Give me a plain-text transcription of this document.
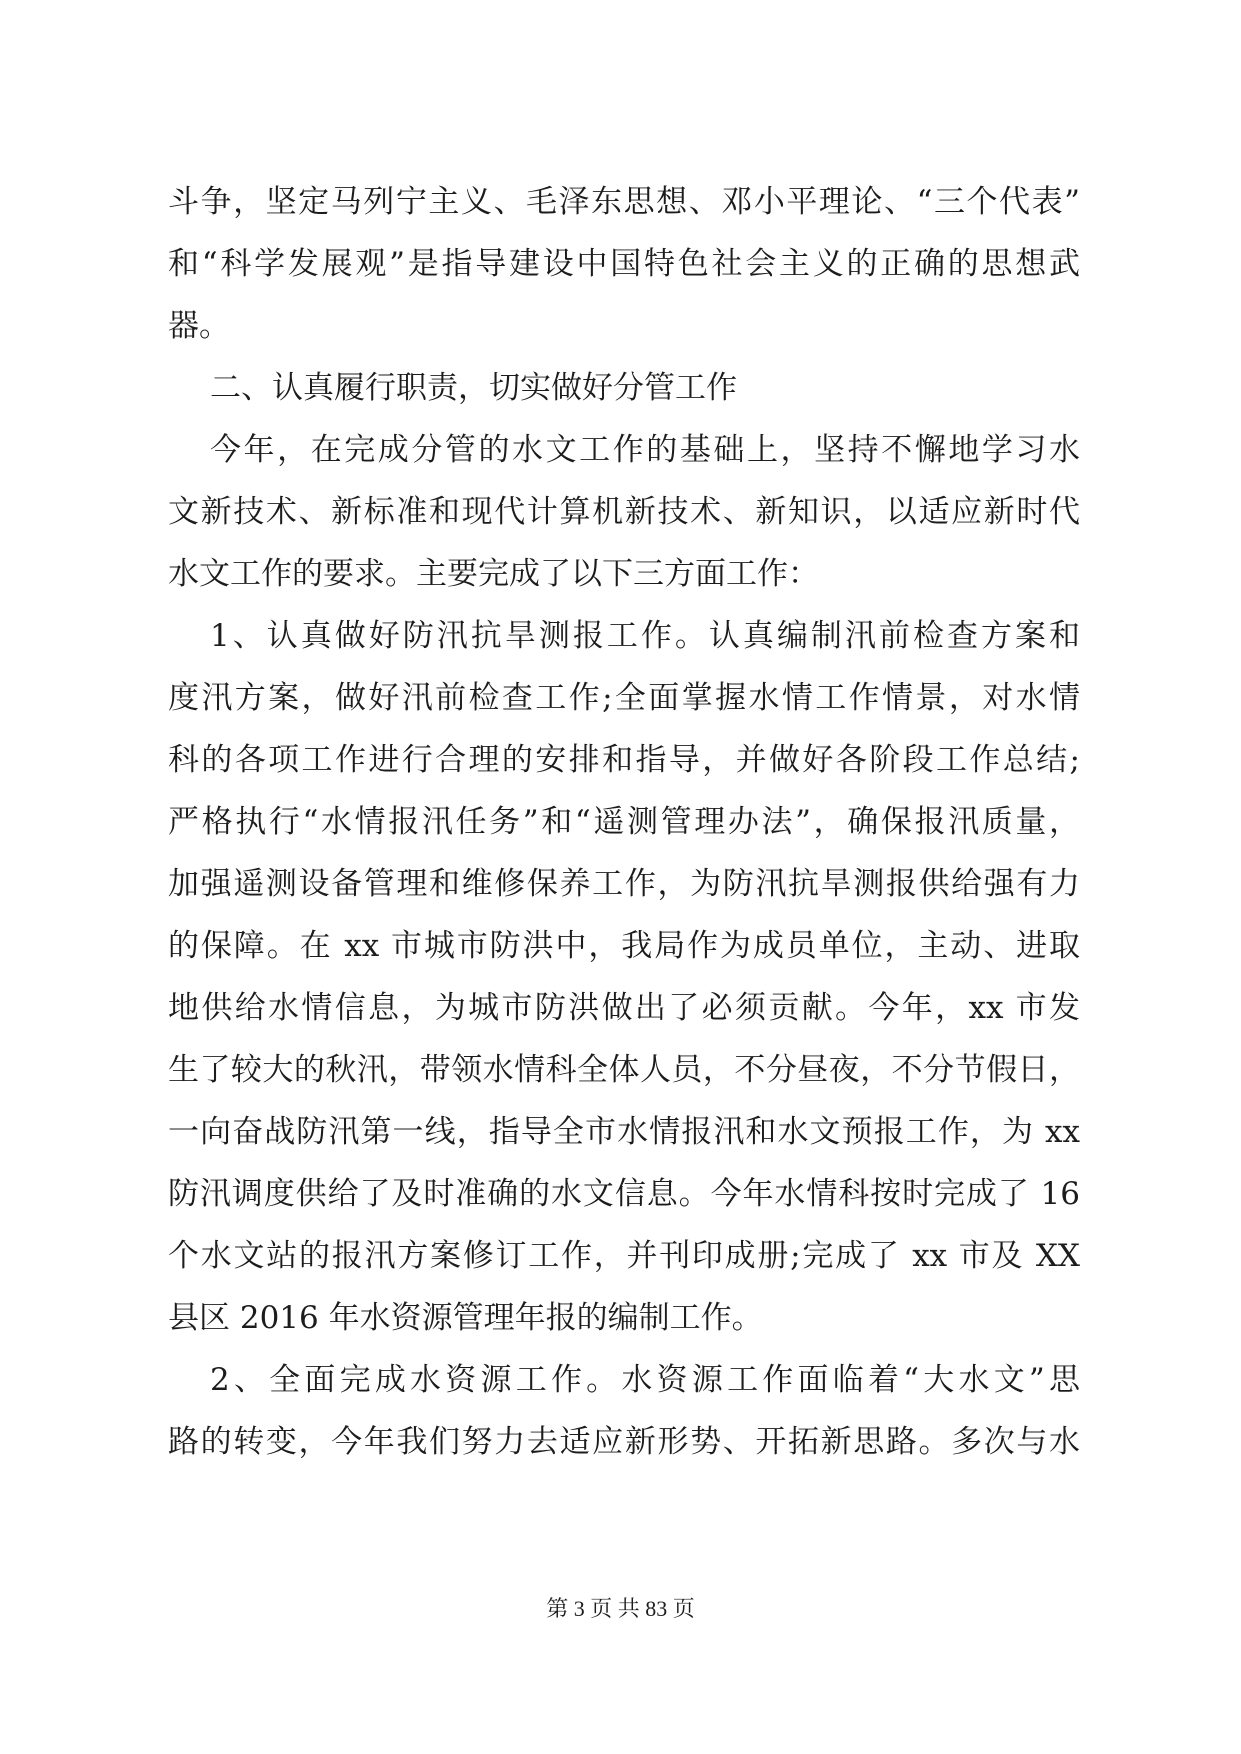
斗争，坚定马列宁主义、毛泽东思想、邓小平理论、“三个代表”
和“科学发展观”是指导建设中国特色社会主义的正确的思想武
器。
二、认真履行职责，切实做好分管工作
今年，在完成分管的水文工作的基础上，坚持不懈地学习水
文新技术、新标准和现代计算机新技术、新知识，以适应新时代
水文工作的要求。主要完成了以下三方面工作：
1、认真做好防汛抗旱测报工作。认真编制汛前检查方案和
度汛方案，做好汛前检查工作;全面掌握水情工作情景，对水情
科的各项工作进行合理的安排和指导，并做好各阶段工作总结;
严格执行“水情报汛任务”和“遥测管理办法”，确保报汛质量，
加强遥测设备管理和维修保养工作，为防汛抗旱测报供给强有力
的保障。在 xx 市城市防洪中，我局作为成员单位，主动、进取
地供给水情信息，为城市防洪做出了必须贡献。今年，xx 市发
生了较大的秋汛，带领水情科全体人员，不分昼夜，不分节假日，
一向奋战防汛第一线，指导全市水情报汛和水文预报工作，为 xx
防汛调度供给了及时准确的水文信息。今年水情科按时完成了 16
个水文站的报汛方案修订工作，并刊印成册;完成了 xx 市及 XX
县区 2016 年水资源管理年报的编制工作。
2、全面完成水资源工作。水资源工作面临着“大水文”思
路的转变，今年我们努力去适应新形势、开拓新思路。多次与水
第 3 页 共 83 页
